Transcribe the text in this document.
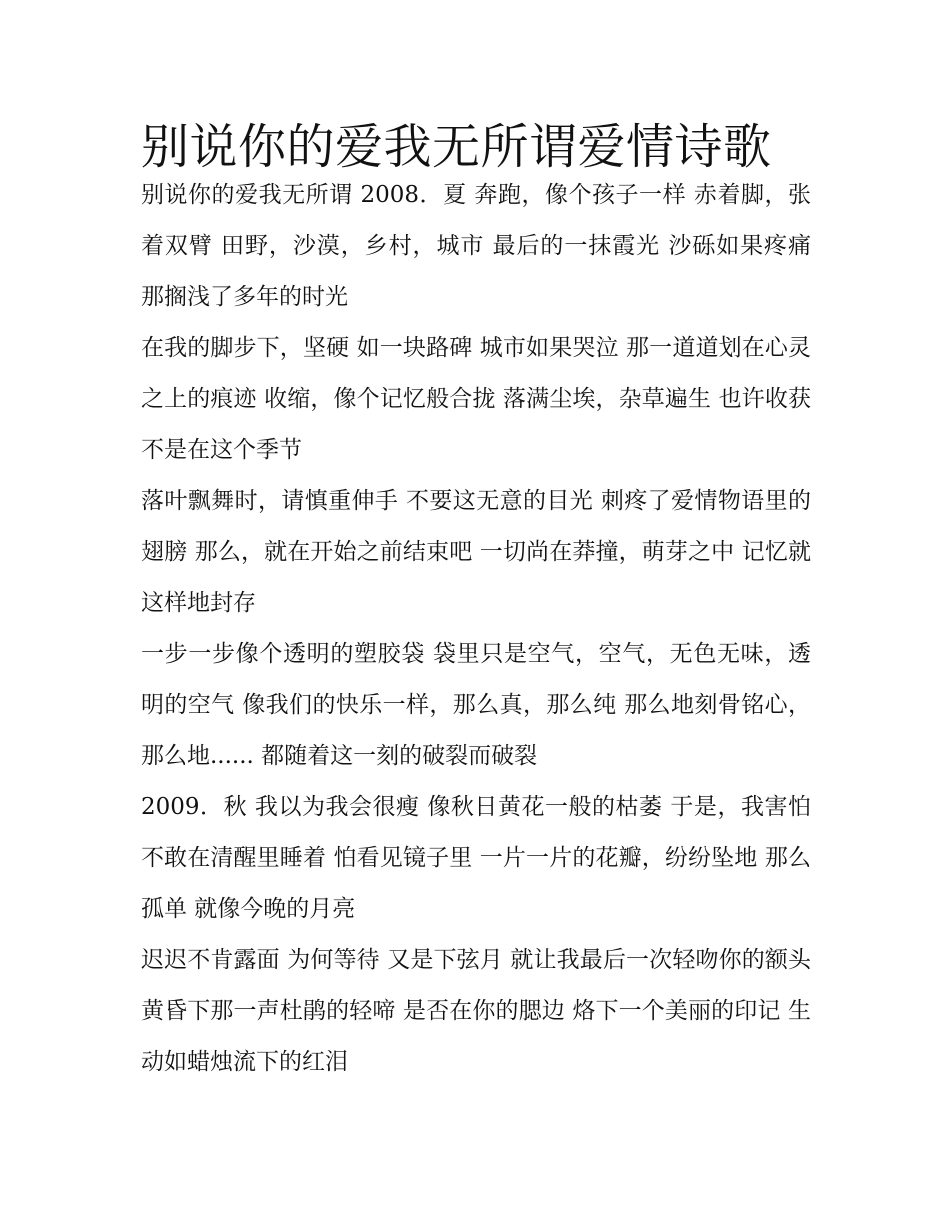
别说你的爱我无所谓爱情诗歌

别说你的爱我无所谓 2008．夏 奔跑，像个孩子一样 赤着脚，张着双臂 田野，沙漠，乡村，城市 最后的一抹霞光 沙砾如果疼痛 那搁浅了多年的时光

在我的脚步下，坚硬 如一块路碑 城市如果哭泣 那一道道划在心灵之上的痕迹 收缩，像个记忆般合拢 落满尘埃，杂草遍生 也许收获不是在这个季节

落叶飘舞时，请慎重伸手 不要这无意的目光 刺疼了爱情物语里的翅膀 那么，就在开始之前结束吧 一切尚在莽撞，萌芽之中 记忆就这样地封存

一步一步像个透明的塑胶袋 袋里只是空气，空气，无色无味，透明的空气 像我们的快乐一样，那么真，那么纯 那么地刻骨铭心，那么地...... 都随着这一刻的破裂而破裂

2009．秋 我以为我会很瘦 像秋日黄花一般的枯萎 于是，我害怕 不敢在清醒里睡着 怕看见镜子里 一片一片的花瓣，纷纷坠地 那么孤单 就像今晚的月亮

迟迟不肯露面 为何等待 又是下弦月 就让我最后一次轻吻你的额头 黄昏下那一声杜鹃的轻啼 是否在你的腮边 烙下一个美丽的印记 生动如蜡烛流下的红泪
